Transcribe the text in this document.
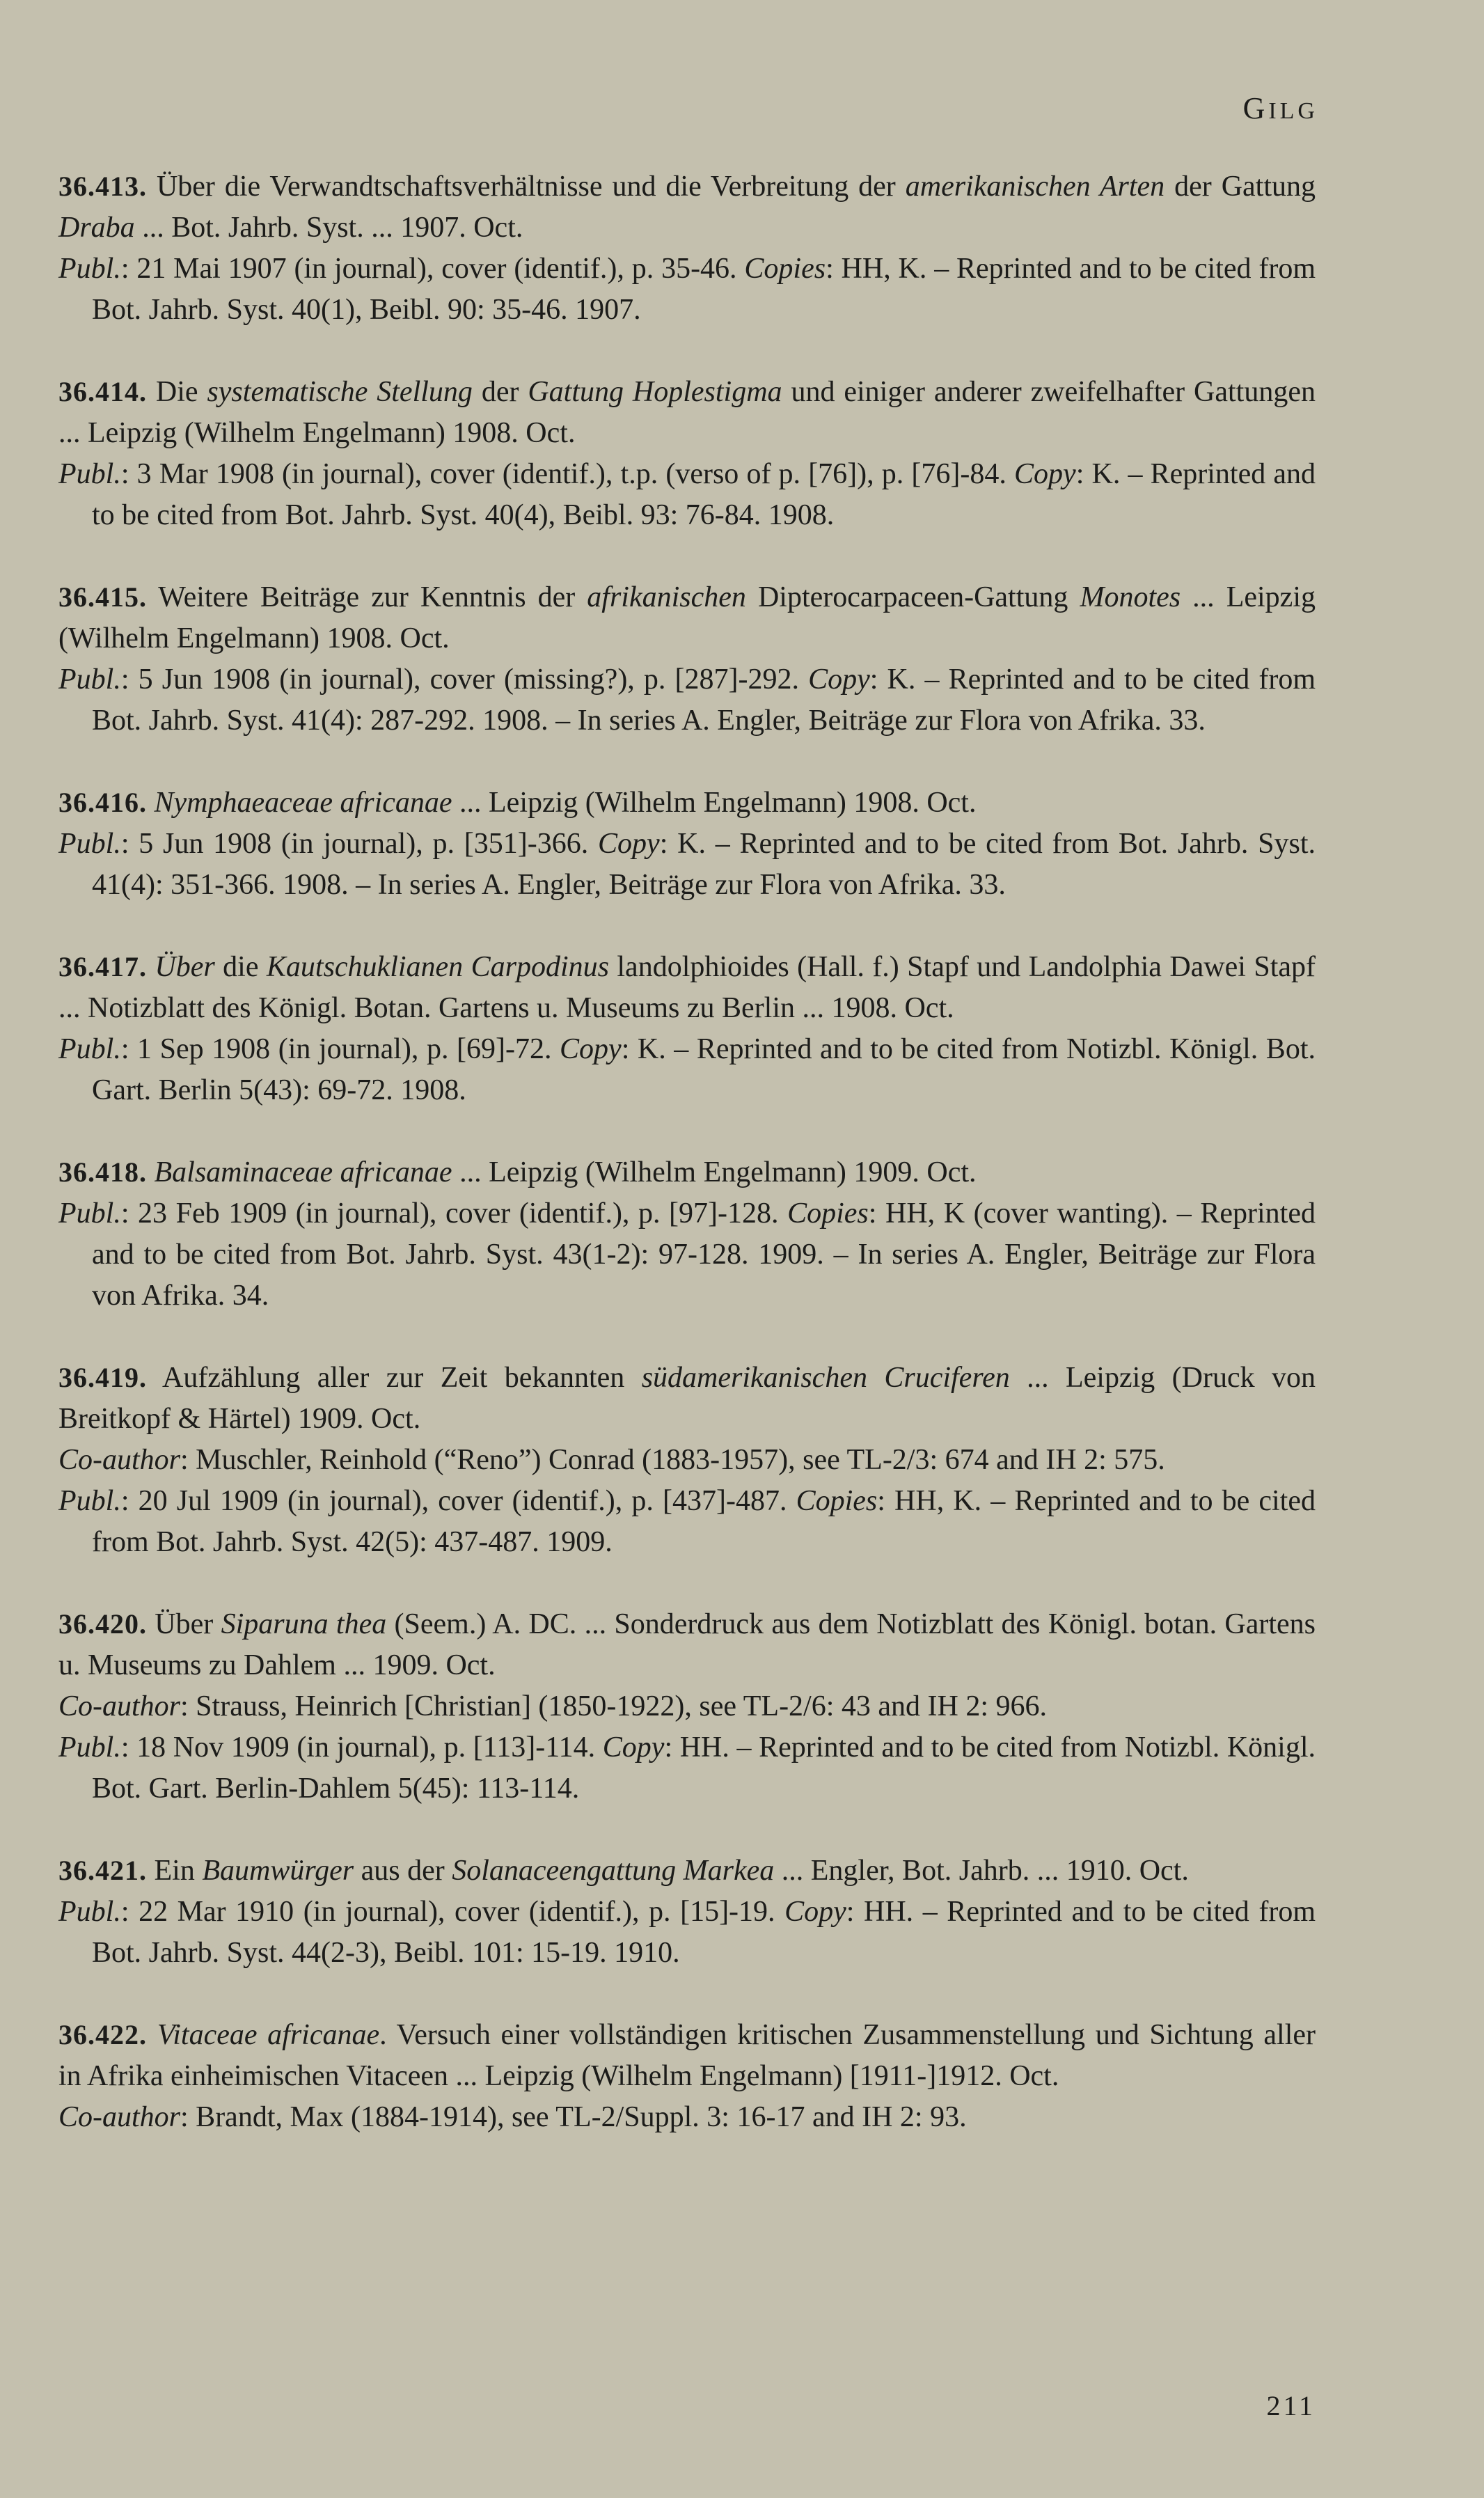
GILG
36.413. Über die Verwandtschaftsverhältnisse und die Verbreitung der amerikanischen Arten der Gattung Draba ... Bot. Jahrb. Syst. ... 1907. Oct.
Publ.: 21 Mai 1907 (in journal), cover (identif.), p. 35-46. Copies: HH, K. – Reprinted and to be cited from Bot. Jahrb. Syst. 40(1), Beibl. 90: 35-46. 1907.
36.414. Die systematische Stellung der Gattung Hoplestigma und einiger anderer zweifelhafter Gattungen ... Leipzig (Wilhelm Engelmann) 1908. Oct.
Publ.: 3 Mar 1908 (in journal), cover (identif.), t.p. (verso of p. [76]), p. [76]-84. Copy: K. – Reprinted and to be cited from Bot. Jahrb. Syst. 40(4), Beibl. 93: 76-84. 1908.
36.415. Weitere Beiträge zur Kenntnis der afrikanischen Dipterocarpaceen-Gattung Monotes ... Leipzig (Wilhelm Engelmann) 1908. Oct.
Publ.: 5 Jun 1908 (in journal), cover (missing?), p. [287]-292. Copy: K. – Reprinted and to be cited from Bot. Jahrb. Syst. 41(4): 287-292. 1908. – In series A. Engler, Beiträge zur Flora von Afrika. 33.
36.416. Nymphaeaceae africanae ... Leipzig (Wilhelm Engelmann) 1908. Oct.
Publ.: 5 Jun 1908 (in journal), p. [351]-366. Copy: K. – Reprinted and to be cited from Bot. Jahrb. Syst. 41(4): 351-366. 1908. – In series A. Engler, Beiträge zur Flora von Afrika. 33.
36.417. Über die Kautschuklianen Carpodinus landolphioides (Hall. f.) Stapf und Landolphia Dawei Stapf ... Notizblatt des Königl. Botan. Gartens u. Museums zu Berlin ... 1908. Oct.
Publ.: 1 Sep 1908 (in journal), p. [69]-72. Copy: K. – Reprinted and to be cited from Notizbl. Königl. Bot. Gart. Berlin 5(43): 69-72. 1908.
36.418. Balsaminaceae africanae ... Leipzig (Wilhelm Engelmann) 1909. Oct.
Publ.: 23 Feb 1909 (in journal), cover (identif.), p. [97]-128. Copies: HH, K (cover wanting). – Reprinted and to be cited from Bot. Jahrb. Syst. 43(1-2): 97-128. 1909. – In series A. Engler, Beiträge zur Flora von Afrika. 34.
36.419. Aufzählung aller zur Zeit bekannten südamerikanischen Cruciferen ... Leipzig (Druck von Breitkopf & Härtel) 1909. Oct.
Co-author: Muschler, Reinhold (“Reno”) Conrad (1883-1957), see TL-2/3: 674 and IH 2: 575.
Publ.: 20 Jul 1909 (in journal), cover (identif.), p. [437]-487. Copies: HH, K. – Reprinted and to be cited from Bot. Jahrb. Syst. 42(5): 437-487. 1909.
36.420. Über Siparuna thea (Seem.) A. DC. ... Sonderdruck aus dem Notizblatt des Königl. botan. Gartens u. Museums zu Dahlem ... 1909. Oct.
Co-author: Strauss, Heinrich [Christian] (1850-1922), see TL-2/6: 43 and IH 2: 966.
Publ.: 18 Nov 1909 (in journal), p. [113]-114. Copy: HH. – Reprinted and to be cited from Notizbl. Königl. Bot. Gart. Berlin-Dahlem 5(45): 113-114.
36.421. Ein Baumwürger aus der Solanaceengattung Markea ... Engler, Bot. Jahrb. ... 1910. Oct.
Publ.: 22 Mar 1910 (in journal), cover (identif.), p. [15]-19. Copy: HH. – Reprinted and to be cited from Bot. Jahrb. Syst. 44(2-3), Beibl. 101: 15-19. 1910.
36.422. Vitaceae africanae. Versuch einer vollständigen kritischen Zusammenstellung und Sichtung aller in Afrika einheimischen Vitaceen ... Leipzig (Wilhelm Engelmann) [1911-]1912. Oct.
Co-author: Brandt, Max (1884-1914), see TL-2/Suppl. 3: 16-17 and IH 2: 93.
211
